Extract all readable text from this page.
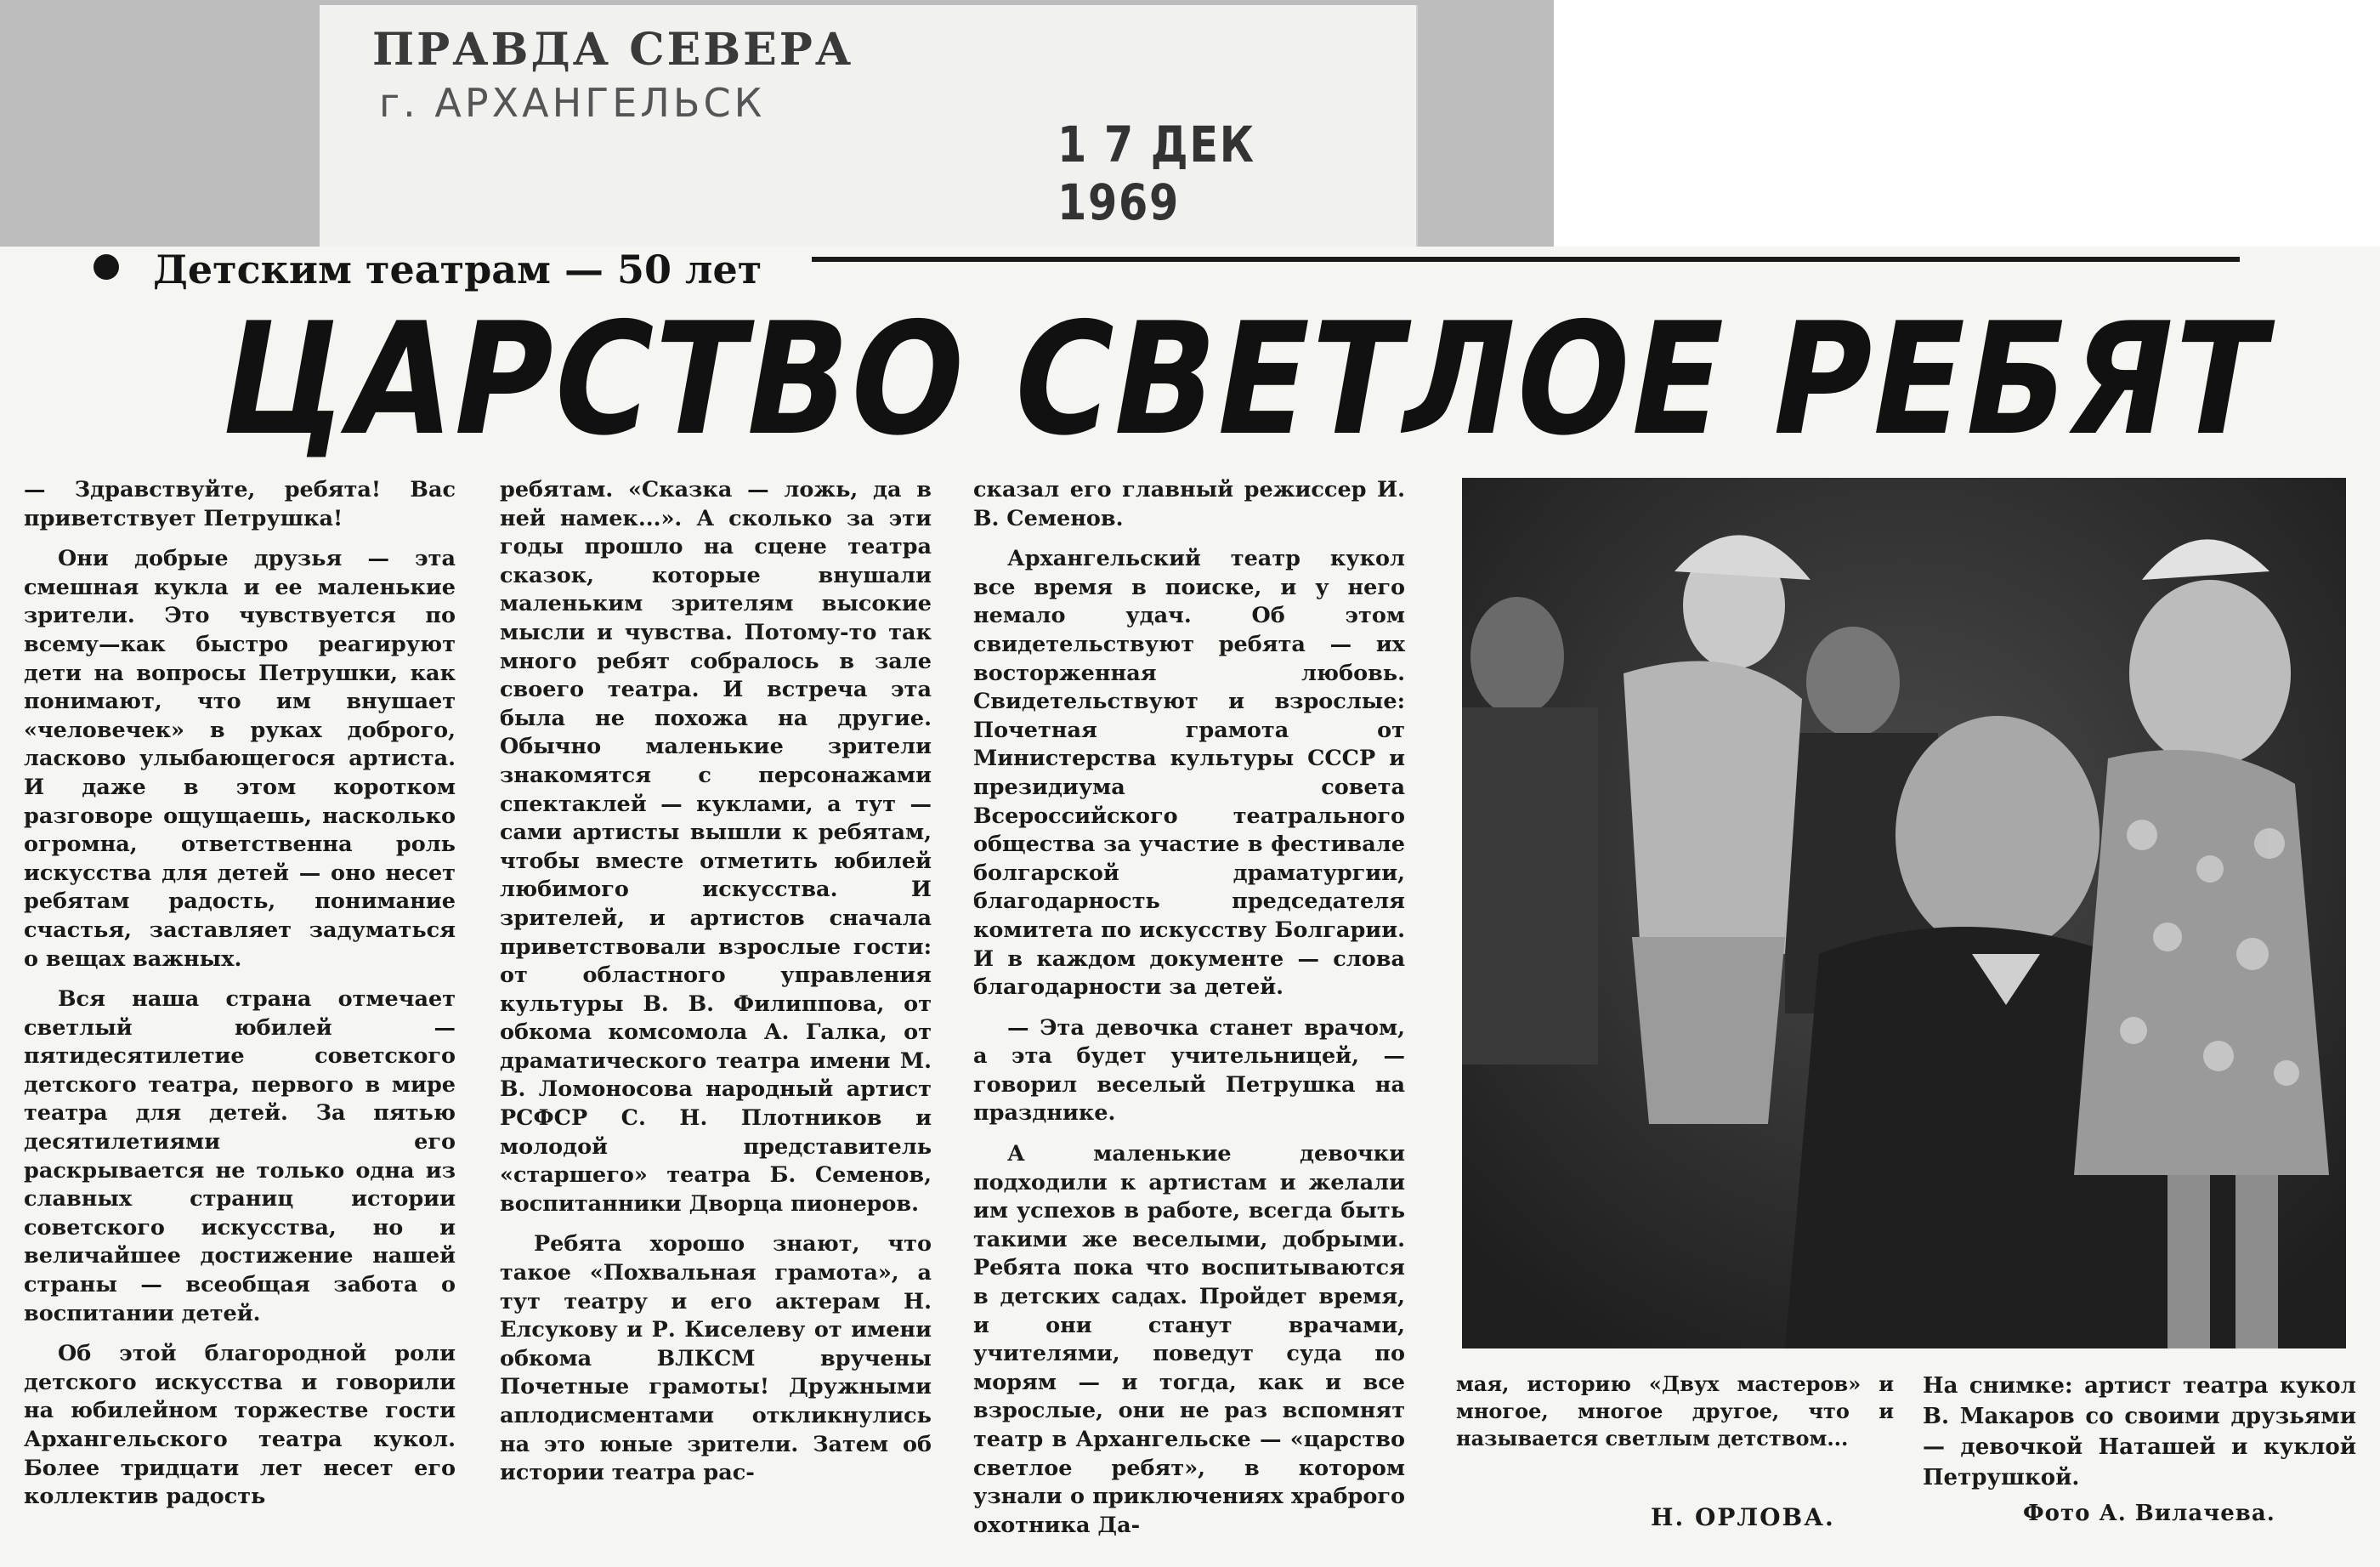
ПРАВДА СЕВЕРА
г. АРХАНГЕЛЬСК
1 7 ДЕК 1969
Детским театрам — 50 лет
ЦАРСТВО СВЕТЛОЕ РЕБЯТ

— Здравствуйте, ребята! Вас приветствует Петрушка!

Они добрые друзья — эта смешная кукла и ее маленькие зрители. Это чувствуется по всему—как быстро реагируют дети на вопросы Петрушки, как понимают, что им внушает «человечек» в руках доброго, ласково улыбающегося артиста. И даже в этом коротком разговоре ощущаешь, насколько огромна, ответственна роль искусства для детей — оно несет ребятам радость, понимание счастья, заставляет задуматься о вещах важных.

Вся наша страна отмечает светлый юбилей — пятидесятилетие советского детского театра, первого в мире театра для детей. За пятью десятилетиями его раскрывается не только одна из славных страниц истории советского искусства, но и величайшее достижение нашей страны — всеобщая забота о воспитании детей.

Об этой благородной роли детского искусства и говорили на юбилейном торжестве гости Архангельского театра кукол. Более тридцати лет несет его коллектив радость

ребятам. «Сказка — ложь, да в ней намек...». А сколько за эти годы прошло на сцене театра сказок, которые внушали маленьким зрителям высокие мысли и чувства. Потому-то так много ребят собралось в зале своего театра. И встреча эта была не похожа на другие. Обычно маленькие зрители знакомятся с персонажами спектаклей — куклами, а тут — сами артисты вышли к ребятам, чтобы вместе отметить юбилей любимого искусства. И зрителей, и артистов сначала приветствовали взрослые гости: от областного управления культуры В. В. Филиппова, от обкома комсомола А. Галка, от драматического театра имени М. В. Ломоносова народный артист РСФСР С. Н. Плотников и молодой представитель «старшего» театра Б. Семенов, воспитанники Дворца пионеров.

Ребята хорошо знают, что такое «Похвальная грамота», а тут театру и его актерам Н. Елсукову и Р. Киселеву от имени обкома ВЛКСМ вручены Почетные грамоты! Дружными аплодисментами откликнулись на это юные зрители. Затем об истории театра рас-

сказал его главный режиссер И. В. Семенов.

Архангельский театр кукол все время в поиске, и у него немало удач. Об этом свидетельствуют ребята — их восторженная любовь. Свидетельствуют и взрослые: Почетная грамота от Министерства культуры СССР и президиума совета Всероссийского театрального общества за участие в фестивале болгарской драматургии, благодарность председателя комитета по искусству Болгарии. И в каждом документе — слова благодарности за детей.

— Эта девочка станет врачом, а эта будет учительницей, — говорил веселый Петрушка на празднике.

А маленькие девочки подходили к артистам и желали им успехов в работе, всегда быть такими же веселыми, добрыми. Ребята пока что воспитываются в детских садах. Пройдет время, и они станут врачами, учителями, поведут суда по морям — и тогда, как и все взрослые, они не раз вспомнят театр в Архангельске — «царство светлое ребят», в котором узнали о приключениях храброго охотника Да-

мая, историю «Двух мастеров» и многое, многое другое, что и называется светлым детством...

На снимке: артист театра кукол В. Макаров со своими друзьями — девочкой Наташей и куклой Петрушкой.
Н. ОРЛОВА.	Фото А. Вилачева.
